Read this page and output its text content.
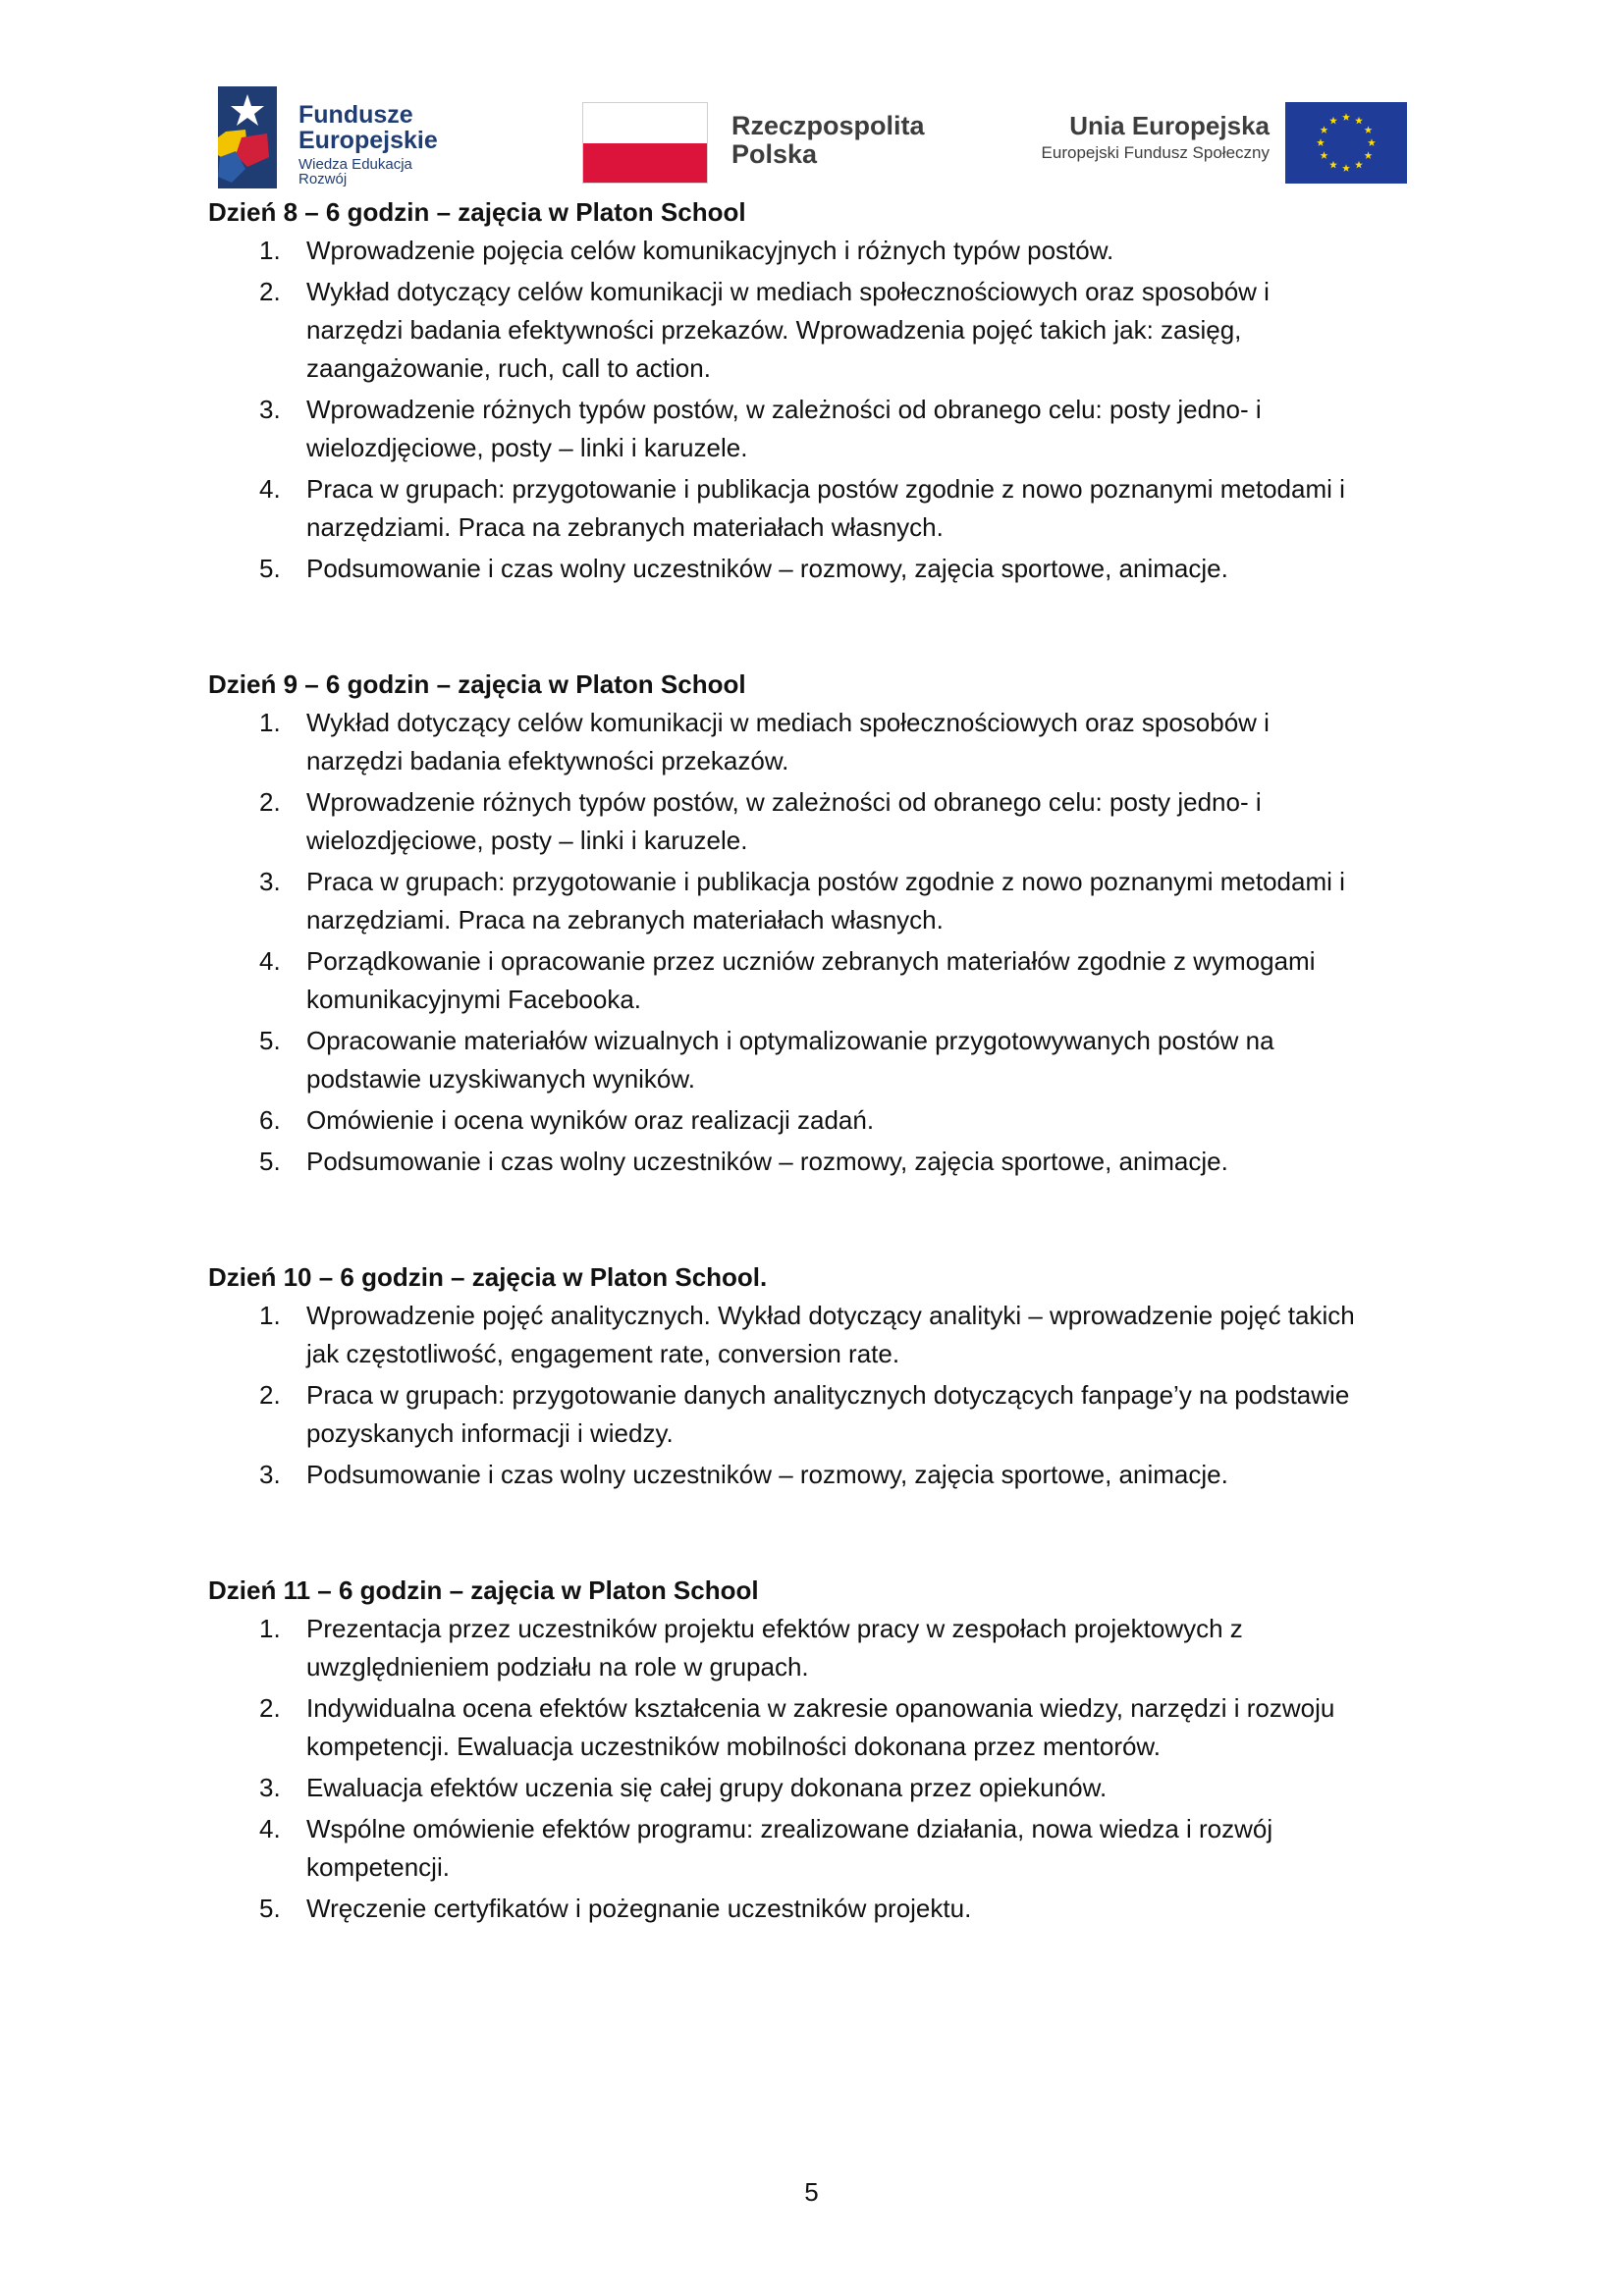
Fundusze
Europejskie
Wiedza Edukacja Rozwój
Rzeczpospolita
Polska
Unia Europejska
Europejski Fundusz Społeczny

Dzień 8 – 6 godzin – zajęcia w Platon School

1. Wprowadzenie pojęcia celów komunikacyjnych i różnych typów postów.
2. Wykład dotyczący celów komunikacji w mediach społecznościowych oraz sposobów i
narzędzi badania efektywności przekazów. Wprowadzenia pojęć takich jak: zasięg,
zaangażowanie, ruch, call to action.
3. Wprowadzenie różnych typów postów, w zależności od obranego celu: posty jedno- i
wielozdjęciowe, posty – linki i karuzele.
4. Praca w grupach: przygotowanie i publikacja postów zgodnie z nowo poznanymi metodami i
narzędziami. Praca na zebranych materiałach własnych.
5. Podsumowanie i czas wolny uczestników – rozmowy, zajęcia sportowe, animacje.

Dzień 9 – 6 godzin – zajęcia w Platon School

1. Wykład dotyczący celów komunikacji w mediach społecznościowych oraz sposobów i
narzędzi badania efektywności przekazów.
2. Wprowadzenie różnych typów postów, w zależności od obranego celu: posty jedno- i
wielozdjęciowe, posty – linki i karuzele.
3. Praca w grupach: przygotowanie i publikacja postów zgodnie z nowo poznanymi metodami i
narzędziami. Praca na zebranych materiałach własnych.
4. Porządkowanie i opracowanie przez uczniów zebranych materiałów zgodnie z wymogami
komunikacyjnymi Facebooka.
5. Opracowanie materiałów wizualnych i optymalizowanie przygotowywanych postów na
podstawie uzyskiwanych wyników.
6. Omówienie i ocena wyników oraz realizacji zadań.
5. Podsumowanie i czas wolny uczestników – rozmowy, zajęcia sportowe, animacje.

Dzień 10 – 6 godzin – zajęcia w Platon School.

1. Wprowadzenie pojęć analitycznych. Wykład dotyczący analityki – wprowadzenie pojęć takich
jak częstotliwość, engagement rate, conversion rate.
2. Praca w grupach: przygotowanie danych analitycznych dotyczących fanpage’y na podstawie
pozyskanych informacji i wiedzy.
3. Podsumowanie i czas wolny uczestników – rozmowy, zajęcia sportowe, animacje.

Dzień 11 – 6 godzin – zajęcia w Platon School

1. Prezentacja przez uczestników projektu efektów pracy w zespołach projektowych z
uwzględnieniem podziału na role w grupach.
2. Indywidualna ocena efektów kształcenia w zakresie opanowania wiedzy, narzędzi i rozwoju
kompetencji. Ewaluacja uczestników mobilności dokonana przez mentorów.
3. Ewaluacja efektów uczenia się całej grupy dokonana przez opiekunów.
4. Wspólne omówienie efektów programu: zrealizowane działania, nowa wiedza i rozwój
kompetencji.
5. Wręczenie certyfikatów i pożegnanie uczestników projektu.
5
